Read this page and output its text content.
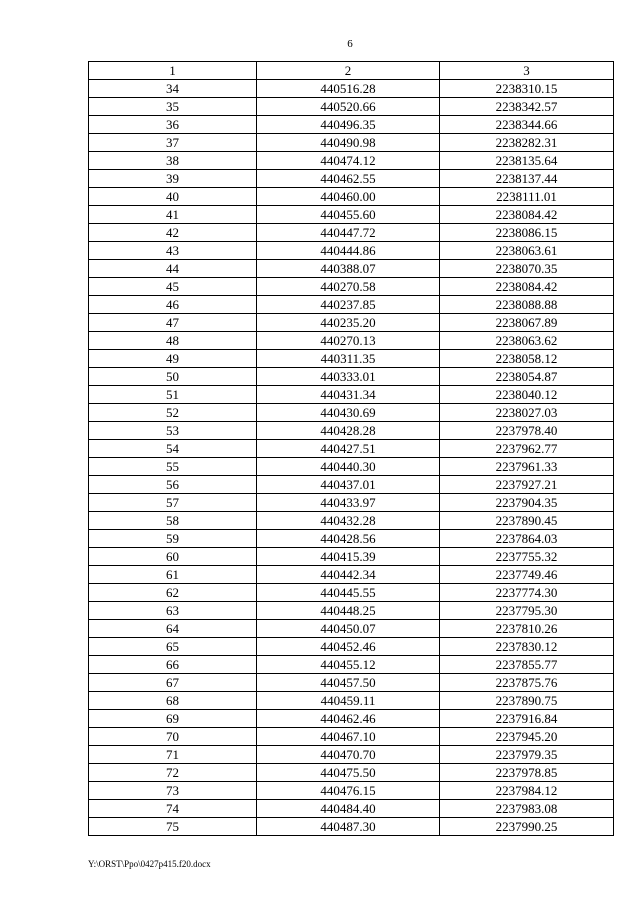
6
1	2	3
34	440516.28	2238310.15
35	440520.66	2238342.57
36	440496.35	2238344.66
37	440490.98	2238282.31
38	440474.12	2238135.64
39	440462.55	2238137.44
40	440460.00	2238111.01
41	440455.60	2238084.42
42	440447.72	2238086.15
43	440444.86	2238063.61
44	440388.07	2238070.35
45	440270.58	2238084.42
46	440237.85	2238088.88
47	440235.20	2238067.89
48	440270.13	2238063.62
49	440311.35	2238058.12
50	440333.01	2238054.87
51	440431.34	2238040.12
52	440430.69	2238027.03
53	440428.28	2237978.40
54	440427.51	2237962.77
55	440440.30	2237961.33
56	440437.01	2237927.21
57	440433.97	2237904.35
58	440432.28	2237890.45
59	440428.56	2237864.03
60	440415.39	2237755.32
61	440442.34	2237749.46
62	440445.55	2237774.30
63	440448.25	2237795.30
64	440450.07	2237810.26
65	440452.46	2237830.12
66	440455.12	2237855.77
67	440457.50	2237875.76
68	440459.11	2237890.75
69	440462.46	2237916.84
70	440467.10	2237945.20
71	440470.70	2237979.35
72	440475.50	2237978.85
73	440476.15	2237984.12
74	440484.40	2237983.08
75	440487.30	2237990.25
Y:\ORST\Ppo\0427p415.f20.docx
